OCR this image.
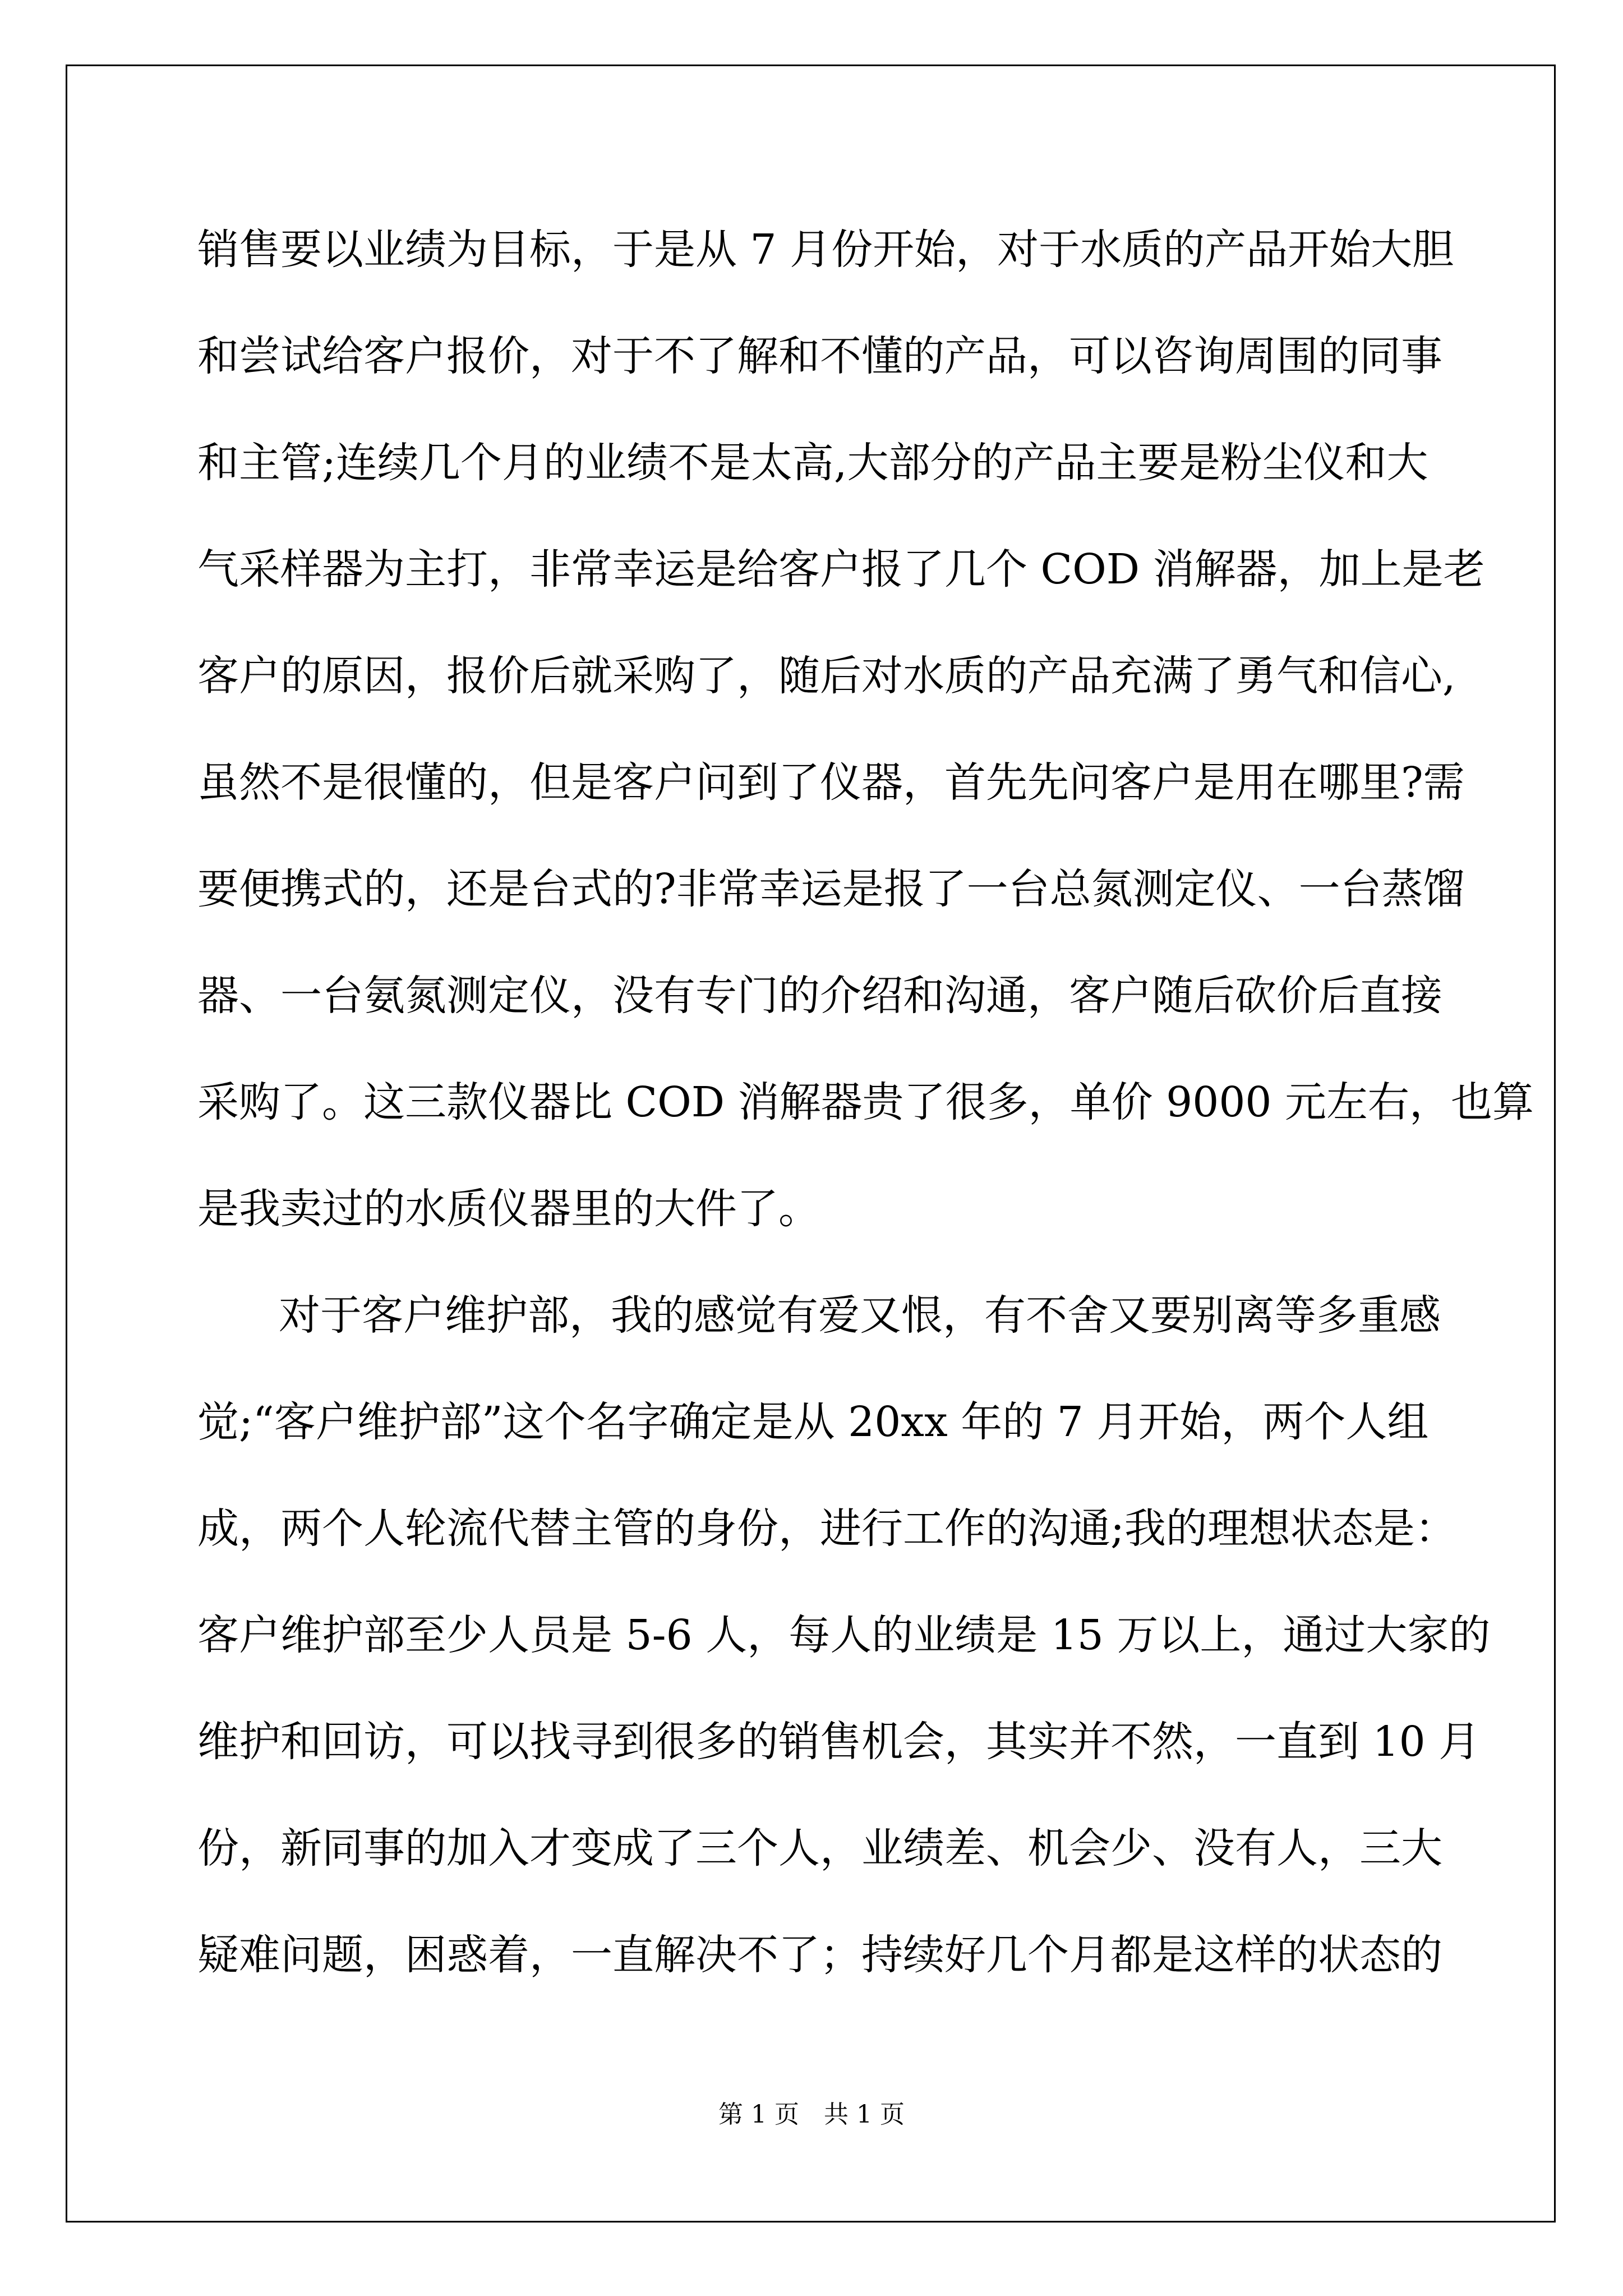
销售要以业绩为目标，于是从 7 月份开始，对于水质的产品开始大胆
和尝试给客户报价，对于不了解和不懂的产品，可以咨询周围的同事
和主管;连续几个月的业绩不是太高,大部分的产品主要是粉尘仪和大
气采样器为主打，非常幸运是给客户报了几个 COD 消解器，加上是老
客户的原因，报价后就采购了，随后对水质的产品充满了勇气和信心,
虽然不是很懂的，但是客户问到了仪器，首先先问客户是用在哪里?需
要便携式的，还是台式的?非常幸运是报了一台总氮测定仪、一台蒸馏
器、一台氨氮测定仪，没有专门的介绍和沟通，客户随后砍价后直接
采购了。这三款仪器比 COD 消解器贵了很多，单价 9000 元左右，也算
是我卖过的水质仪器里的大件了。
对于客户维护部，我的感觉有爱又恨，有不舍又要别离等多重感
觉;“客户维护部”这个名字确定是从 20xx 年的 7 月开始，两个人组
成，两个人轮流代替主管的身份，进行工作的沟通;我的理想状态是：
客户维护部至少人员是 5-6 人，每人的业绩是 15 万以上，通过大家的
维护和回访，可以找寻到很多的销售机会，其实并不然，一直到 10 月
份，新同事的加入才变成了三个人，业绩差、机会少、没有人，三大
疑难问题，困惑着，一直解决不了；持续好几个月都是这样的状态的
第 1 页　共 1 页
